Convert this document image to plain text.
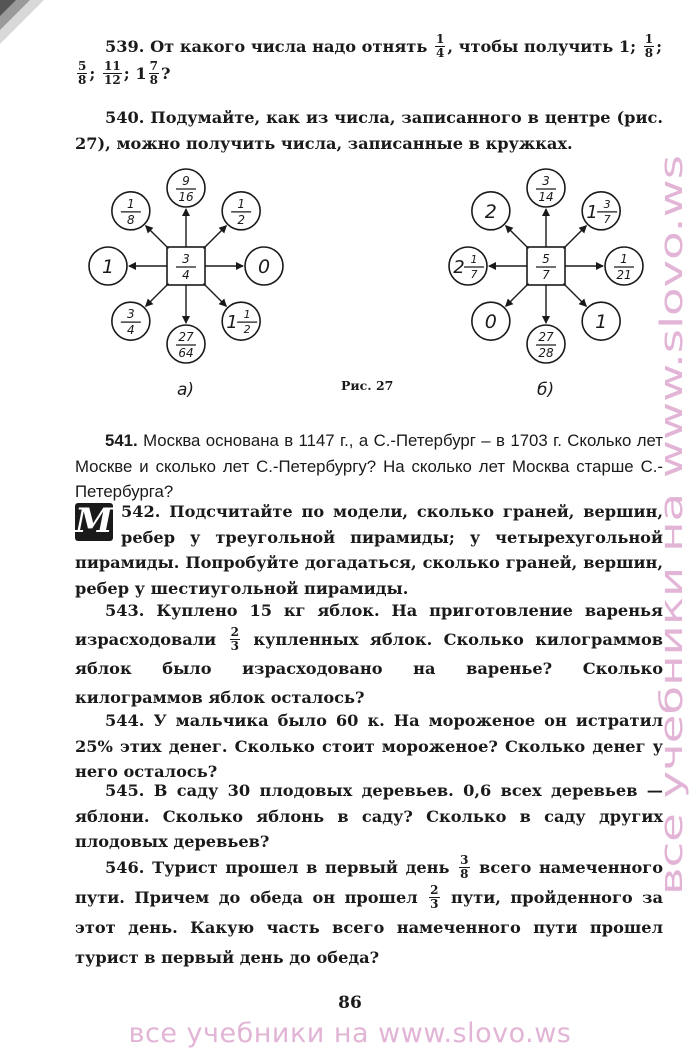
539. От какого числа надо отнять $\frac{1}{4}$ , чтобы получить 1; $\frac{1}{8}$ ;

$\frac{5}{8}$ ; $\frac{11}{12}$ ; $1 \frac{7}{8}$ ?
540. Подумайте, как из числа, записанного в центре (рис. 27), можно получить числа, записанные в кружках.
3
4
9
16	1
2
0
1 1
2
27
64
3
4
1
1
8
5
7
3
14
1 3
7
1
21
1
27
28
0
2 1
7
2
а)	б)
Рис. 27
541. Москва основана в 1147 г., а С.-Петербург – в 1703 г. Сколько лет Москве и сколько лет С.-Петербургу? На сколько лет Москва старше С.-Петербурга?
M 542. Подсчитайте по модели, сколько граней, вершин, ребер у треугольной пирамиды; у четырехугольной пирамиды. Попробуйте догадаться, сколько граней, вершин, ребер у шестиугольной пирамиды.
543. Куплено 15 кг яблок. На приготовление варенья израсходовали $\frac{2}{3}$ купленных яблок. Сколько килограммов яблок было израсходовано на варенье? Сколько килограммов яблок осталось?
544. У мальчика было 60 к. На мороженое он истратил 25% этих денег. Сколько стоит мороженое? Сколько денег у него осталось?
545. В саду 30 плодовых деревьев. 0,6 всех деревьев — яблони. Сколько яблонь в саду? Сколько в саду других плодовых деревьев?
546. Турист прошел в первый день $\frac{3}{8}$ всего намеченного пути. Причем до обеда он прошел $\frac{2}{3}$ пути, пройденного за этот день. Какую часть всего намеченного пути прошел турист в первый день до обеда?
86
все учебники на www.slovo.ws
все учебники на www.slovo.ws
